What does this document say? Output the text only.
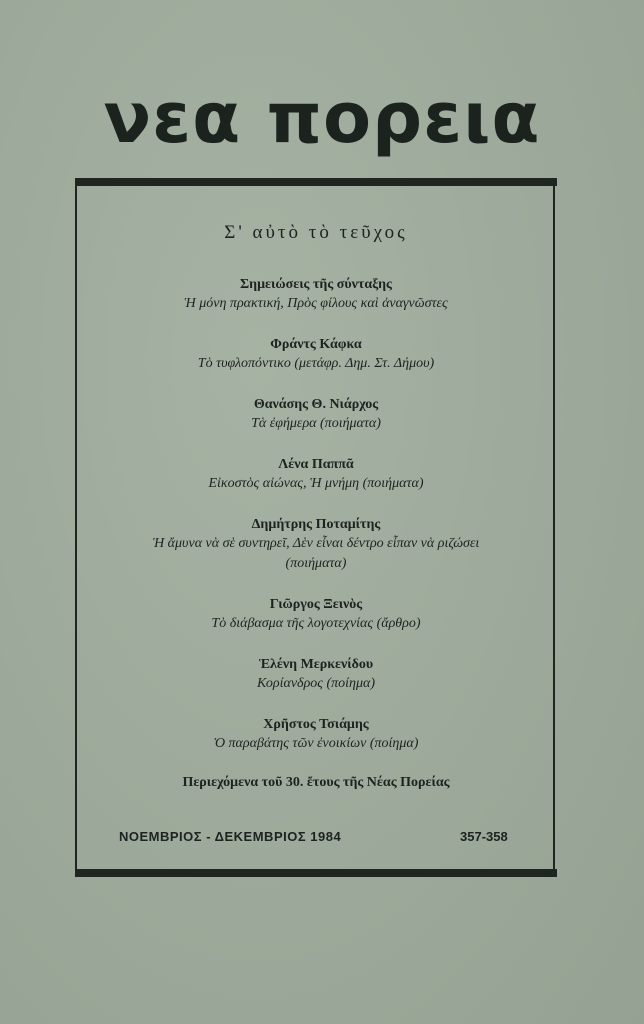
νεα πορεια
Σ' αὐτὸ τὸ τεῦχος
Σημειώσεις τῆς σύνταξης
Ἡ μόνη πρακτική, Πρὸς φίλους καὶ ἀναγνῶστες
Φράντς Κάφκα
Τὸ τυφλοπόντικο (μετάφρ. Δημ. Στ. Δήμου)
Θανάσης Θ. Νιάρχος
Τὰ ἐφήμερα (ποιήματα)
Λένα Παππᾶ
Εἰκοστὸς αἰώνας, Ἡ μνήμη (ποιήματα)
Δημήτρης Ποταμίτης
Ἡ ἄμυνα νὰ σὲ συντηρεῖ, Δὲν εἶναι δέντρο εἶπαν νὰ ριζώσει
(ποιήματα)
Γιῶργος Ξεινὸς
Τὸ διάβασμα τῆς λογοτεχνίας (ἄρθρο)
Ἑλένη Μερκενίδου
Κορίανδρος (ποίημα)
Χρῆστος Τσιάμης
Ὁ παραβάτης τῶν ἐνοικίων (ποίημα)
Περιεχόμενα τοῦ 30. ἔτους τῆς Νέας Πορείας
ΝΟΕΜΒΡΙΟΣ - ΔΕΚΕΜΒΡΙΟΣ 1984	357-358
